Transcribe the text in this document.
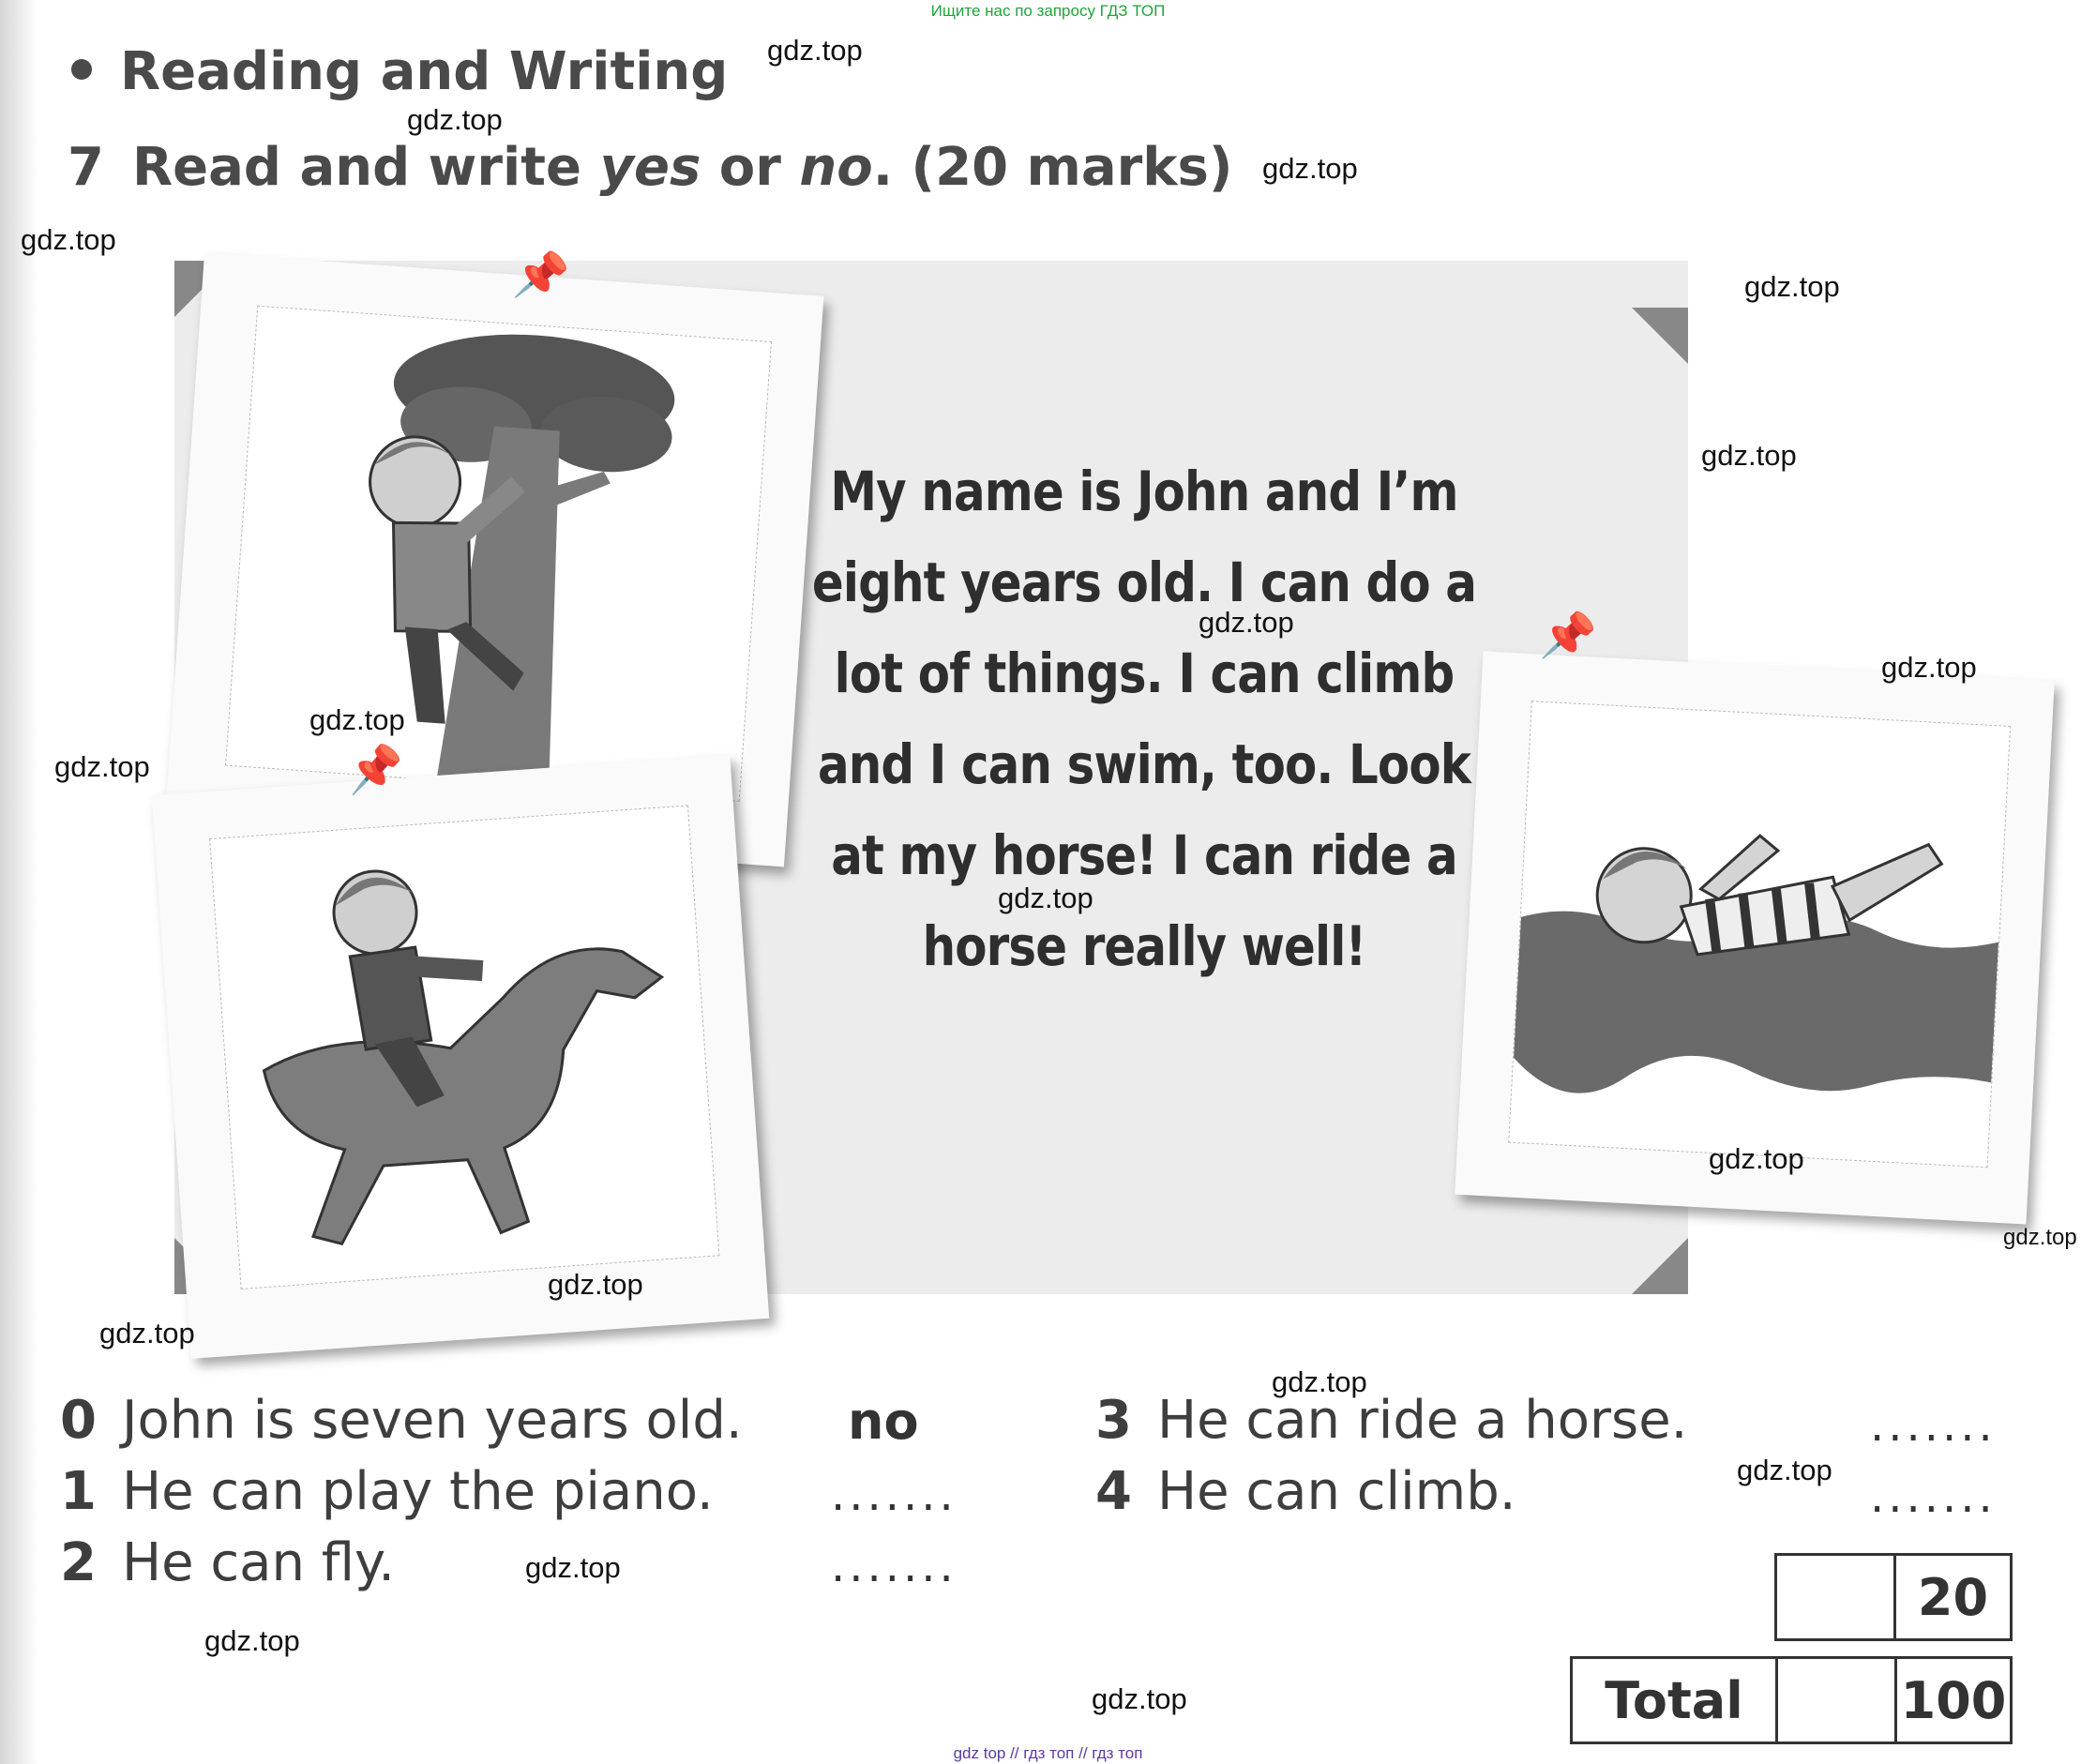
Ищите нас по запросу ГДЗ ТОП
Reading and Writing
7 Read and write yes or no. (20 marks)
My name is John and I’m
eight years old. I can do a
lot of things. I can climb
and I can swim, too. Look
at my horse! I can ride a
horse really well!
📌
📌
📌
gdz.top
gdz.top
gdz.top
gdz.top
gdz.top
gdz.top
gdz.top
gdz.top
gdz.top
gdz.top
gdz.top
gdz.top
gdz.top
gdz.top
gdz.top
gdz.top
gdz.top
gdz.top
gdz.top
gdz.top
0 John is seven years old. no
1 He can play the piano.	.......
2 He can fly.	.......
3 He can ride a horse.	.......
4 He can climb.	.......
20
Total	100
gdz top // гдз топ // гдз топ
